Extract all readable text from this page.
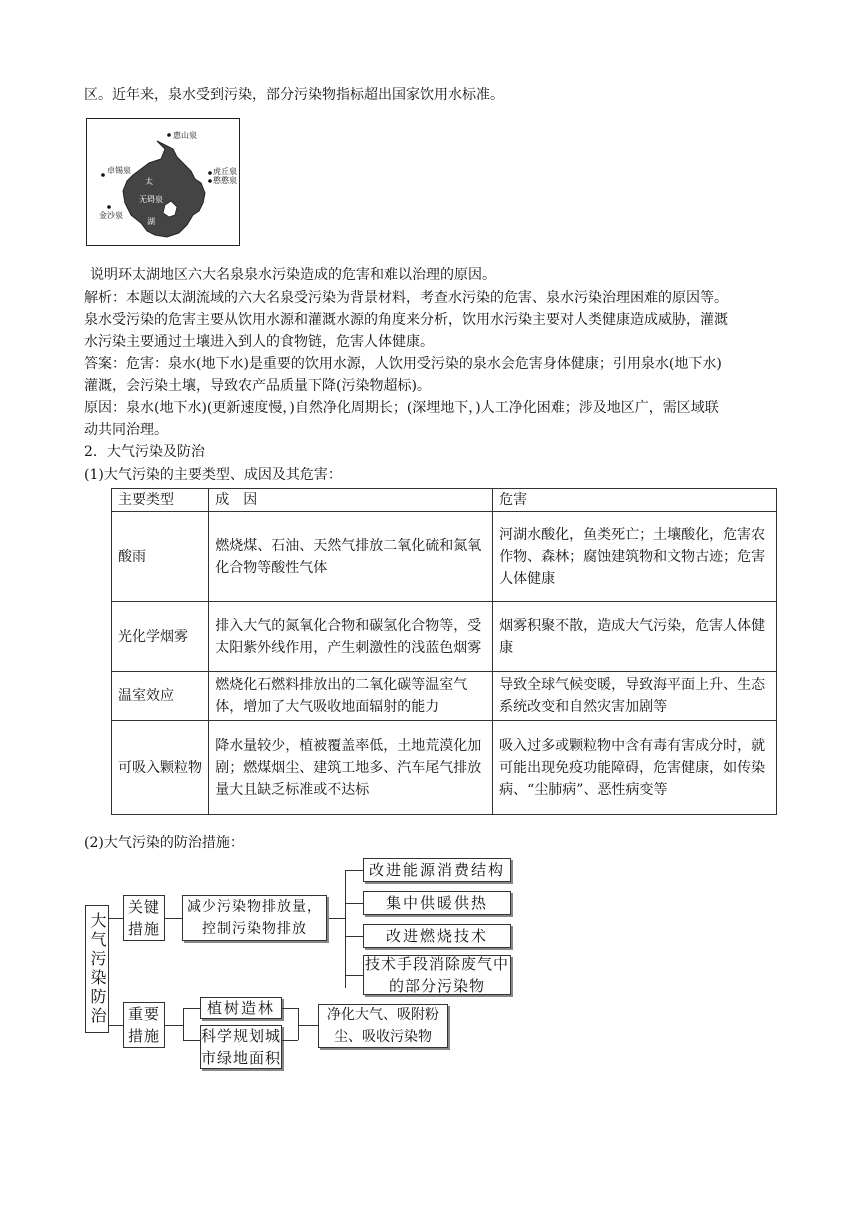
区。近年来，泉水受到污染，部分污染物指标超出国家饮用水标准。
惠山泉
卓锡泉	虎丘泉
憨憨泉
太
无碍泉
湖
金沙泉
说明环太湖地区六大名泉泉水污染造成的危害和难以治理的原因。
解析：本题以太湖流域的六大名泉受污染为背景材料，考查水污染的危害、泉水污染治理困难的原因等。
泉水受污染的危害主要从饮用水源和灌溉水源的角度来分析，饮用水污染主要对人类健康造成威胁，灌溉
水污染主要通过土壤进入到人的食物链，危害人体健康。
答案：危害：泉水(地下水)是重要的饮用水源，人饮用受污染的泉水会危害身体健康；引用泉水(地下水)
灌溉，会污染土壤，导致农产品质量下降(污染物超标)。
原因：泉水(地下水)(更新速度慢，)自然净化周期长；(深埋地下，)人工净化困难；涉及地区广，需区域联
动共同治理。
2．大气污染及防治
(1)大气污染的主要类型、成因及其危害：
主要类型	成　因	危害
酸雨	燃烧煤、石油、天然气排放二氧化硫和氮氧化合物等酸性气体	河湖水酸化，鱼类死亡；土壤酸化，危害农作物、森林；腐蚀建筑物和文物古迹；危害人体健康
光化学烟雾	排入大气的氮氧化合物和碳氢化合物等，受太阳紫外线作用，产生刺激性的浅蓝色烟雾	烟雾积聚不散，造成大气污染，危害人体健康
温室效应	燃烧化石燃料排放出的二氧化碳等温室气体，增加了大气吸收地面辐射的能力	导致全球气候变暖，导致海平面上升、生态系统改变和自然灾害加剧等
可吸入颗粒物	降水量较少，植被覆盖率低，土地荒漠化加剧；燃煤烟尘、建筑工地多、汽车尾气排放量大且缺乏标准或不达标	吸入过多或颗粒物中含有毒有害成分时，就可能出现免疫功能障碍，危害健康，如传染病、“尘肺病”、恶性病变等
(2)大气污染的防治措施：
大气污染防治
关键措施
减少污染物排放量，控制污染物排放
改进能源消费结构
集中供暖供热
改进燃烧技术
技术手段消除废气中的部分污染物
重要措施
植树造林
科学规划城市绿地面积
净化大气、吸附粉尘、吸收污染物
